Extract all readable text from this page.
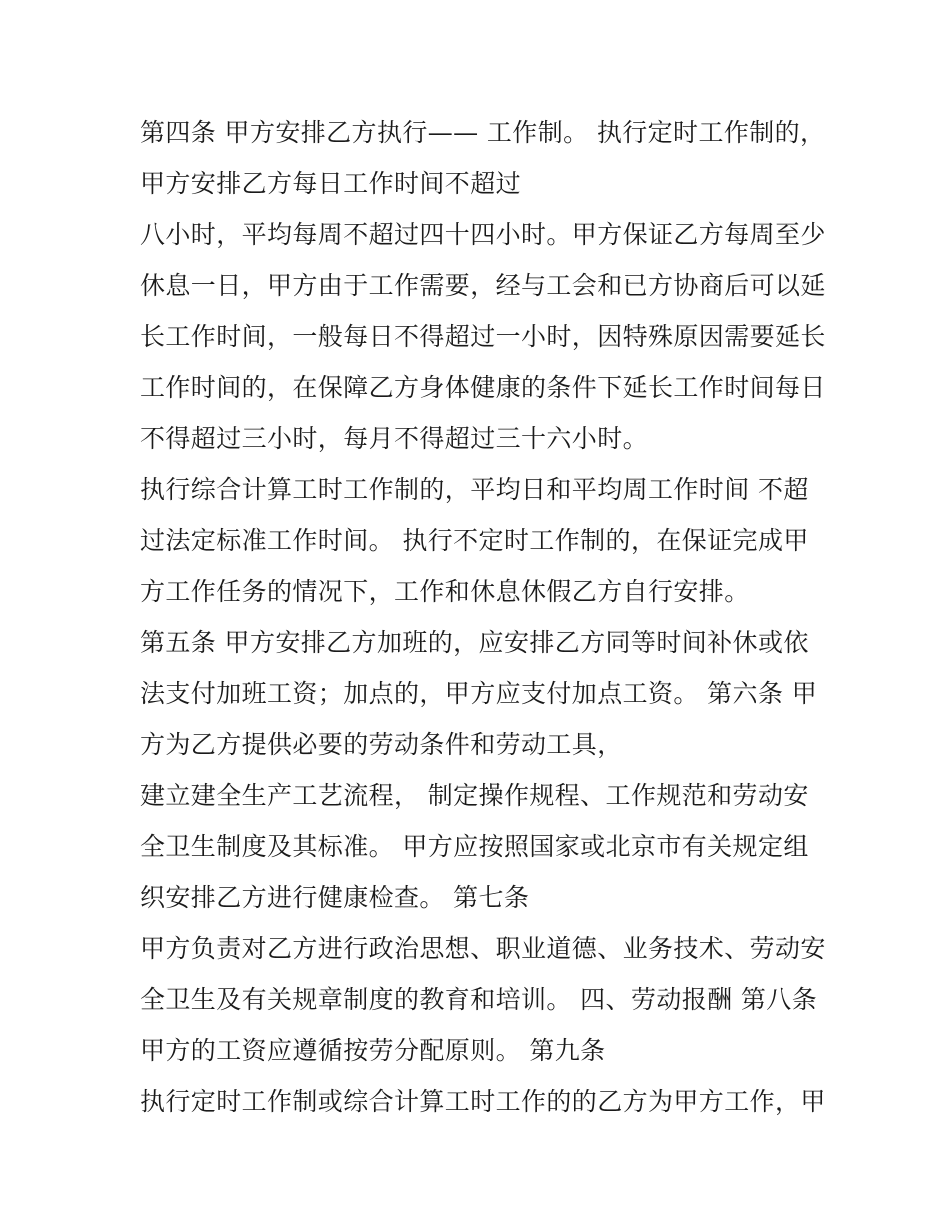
第四条 甲方安排乙方执行—— 工作制。 执行定时工作制的，

甲方安排乙方每日工作时间不超过

八小时，平均每周不超过四十四小时。甲方保证乙方每周至少

休息一日，甲方由于工作需要，经与工会和已方协商后可以延

长工作时间，一般每日不得超过一小时，因特殊原因需要延长

工作时间的，在保障乙方身体健康的条件下延长工作时间每日

不得超过三小时，每月不得超过三十六小时。

执行综合计算工时工作制的，平均日和平均周工作时间 不超

过法定标准工作时间。 执行不定时工作制的，在保证完成甲

方工作任务的情况下，工作和休息休假乙方自行安排。

第五条 甲方安排乙方加班的，应安排乙方同等时间补休或依

法支付加班工资；加点的，甲方应支付加点工资。 第六条 甲

方为乙方提供必要的劳动条件和劳动工具，

建立建全生产工艺流程， 制定操作规程、工作规范和劳动安

全卫生制度及其标准。 甲方应按照国家或北京市有关规定组

织安排乙方进行健康检查。 第七条

甲方负责对乙方进行政治思想、职业道德、业务技术、劳动安

全卫生及有关规章制度的教育和培训。 四、劳动报酬 第八条

甲方的工资应遵循按劳分配原则。 第九条

执行定时工作制或综合计算工时工作的的乙方为甲方工作，甲
